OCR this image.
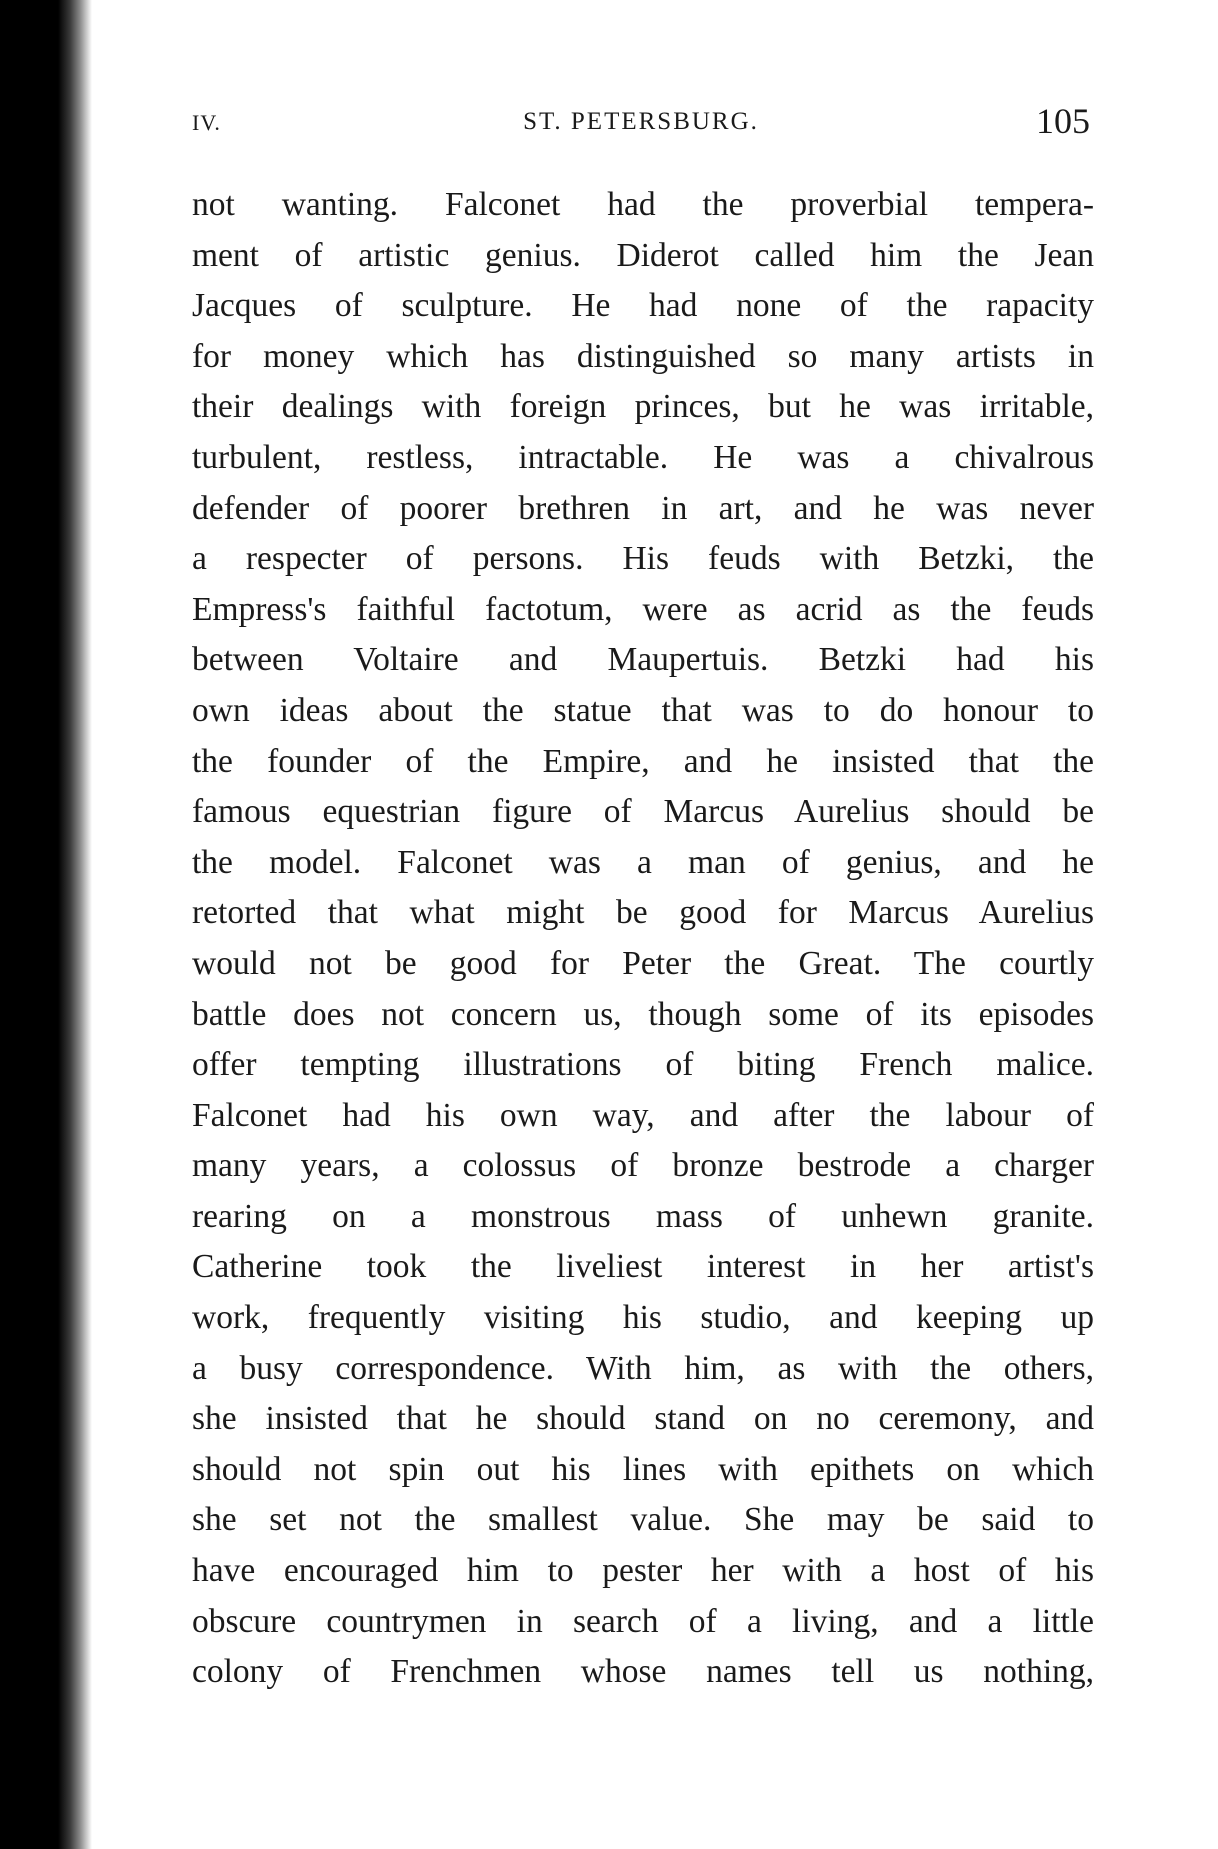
IV.	ST. PETERSBURG.	105
not wanting. Falconet had the proverbial tempera-
ment of artistic genius. Diderot called him the Jean
Jacques of sculpture. He had none of the rapacity
for money which has distinguished so many artists in
their dealings with foreign princes, but he was irritable,
turbulent, restless, intractable. He was a chivalrous
defender of poorer brethren in art, and he was never
a respecter of persons. His feuds with Betzki, the
Empress's faithful factotum, were as acrid as the feuds
between Voltaire and Maupertuis. Betzki had his
own ideas about the statue that was to do honour to
the founder of the Empire, and he insisted that the
famous equestrian figure of Marcus Aurelius should be
the model. Falconet was a man of genius, and he
retorted that what might be good for Marcus Aurelius
would not be good for Peter the Great. The courtly
battle does not concern us, though some of its episodes
offer tempting illustrations of biting French malice.
Falconet had his own way, and after the labour of
many years, a colossus of bronze bestrode a charger
rearing on a monstrous mass of unhewn granite.
Catherine took the liveliest interest in her artist's
work, frequently visiting his studio, and keeping up
a busy correspondence. With him, as with the others,
she insisted that he should stand on no ceremony, and
should not spin out his lines with epithets on which
she set not the smallest value. She may be said to
have encouraged him to pester her with a host of his
obscure countrymen in search of a living, and a little
colony of Frenchmen whose names tell us nothing,
